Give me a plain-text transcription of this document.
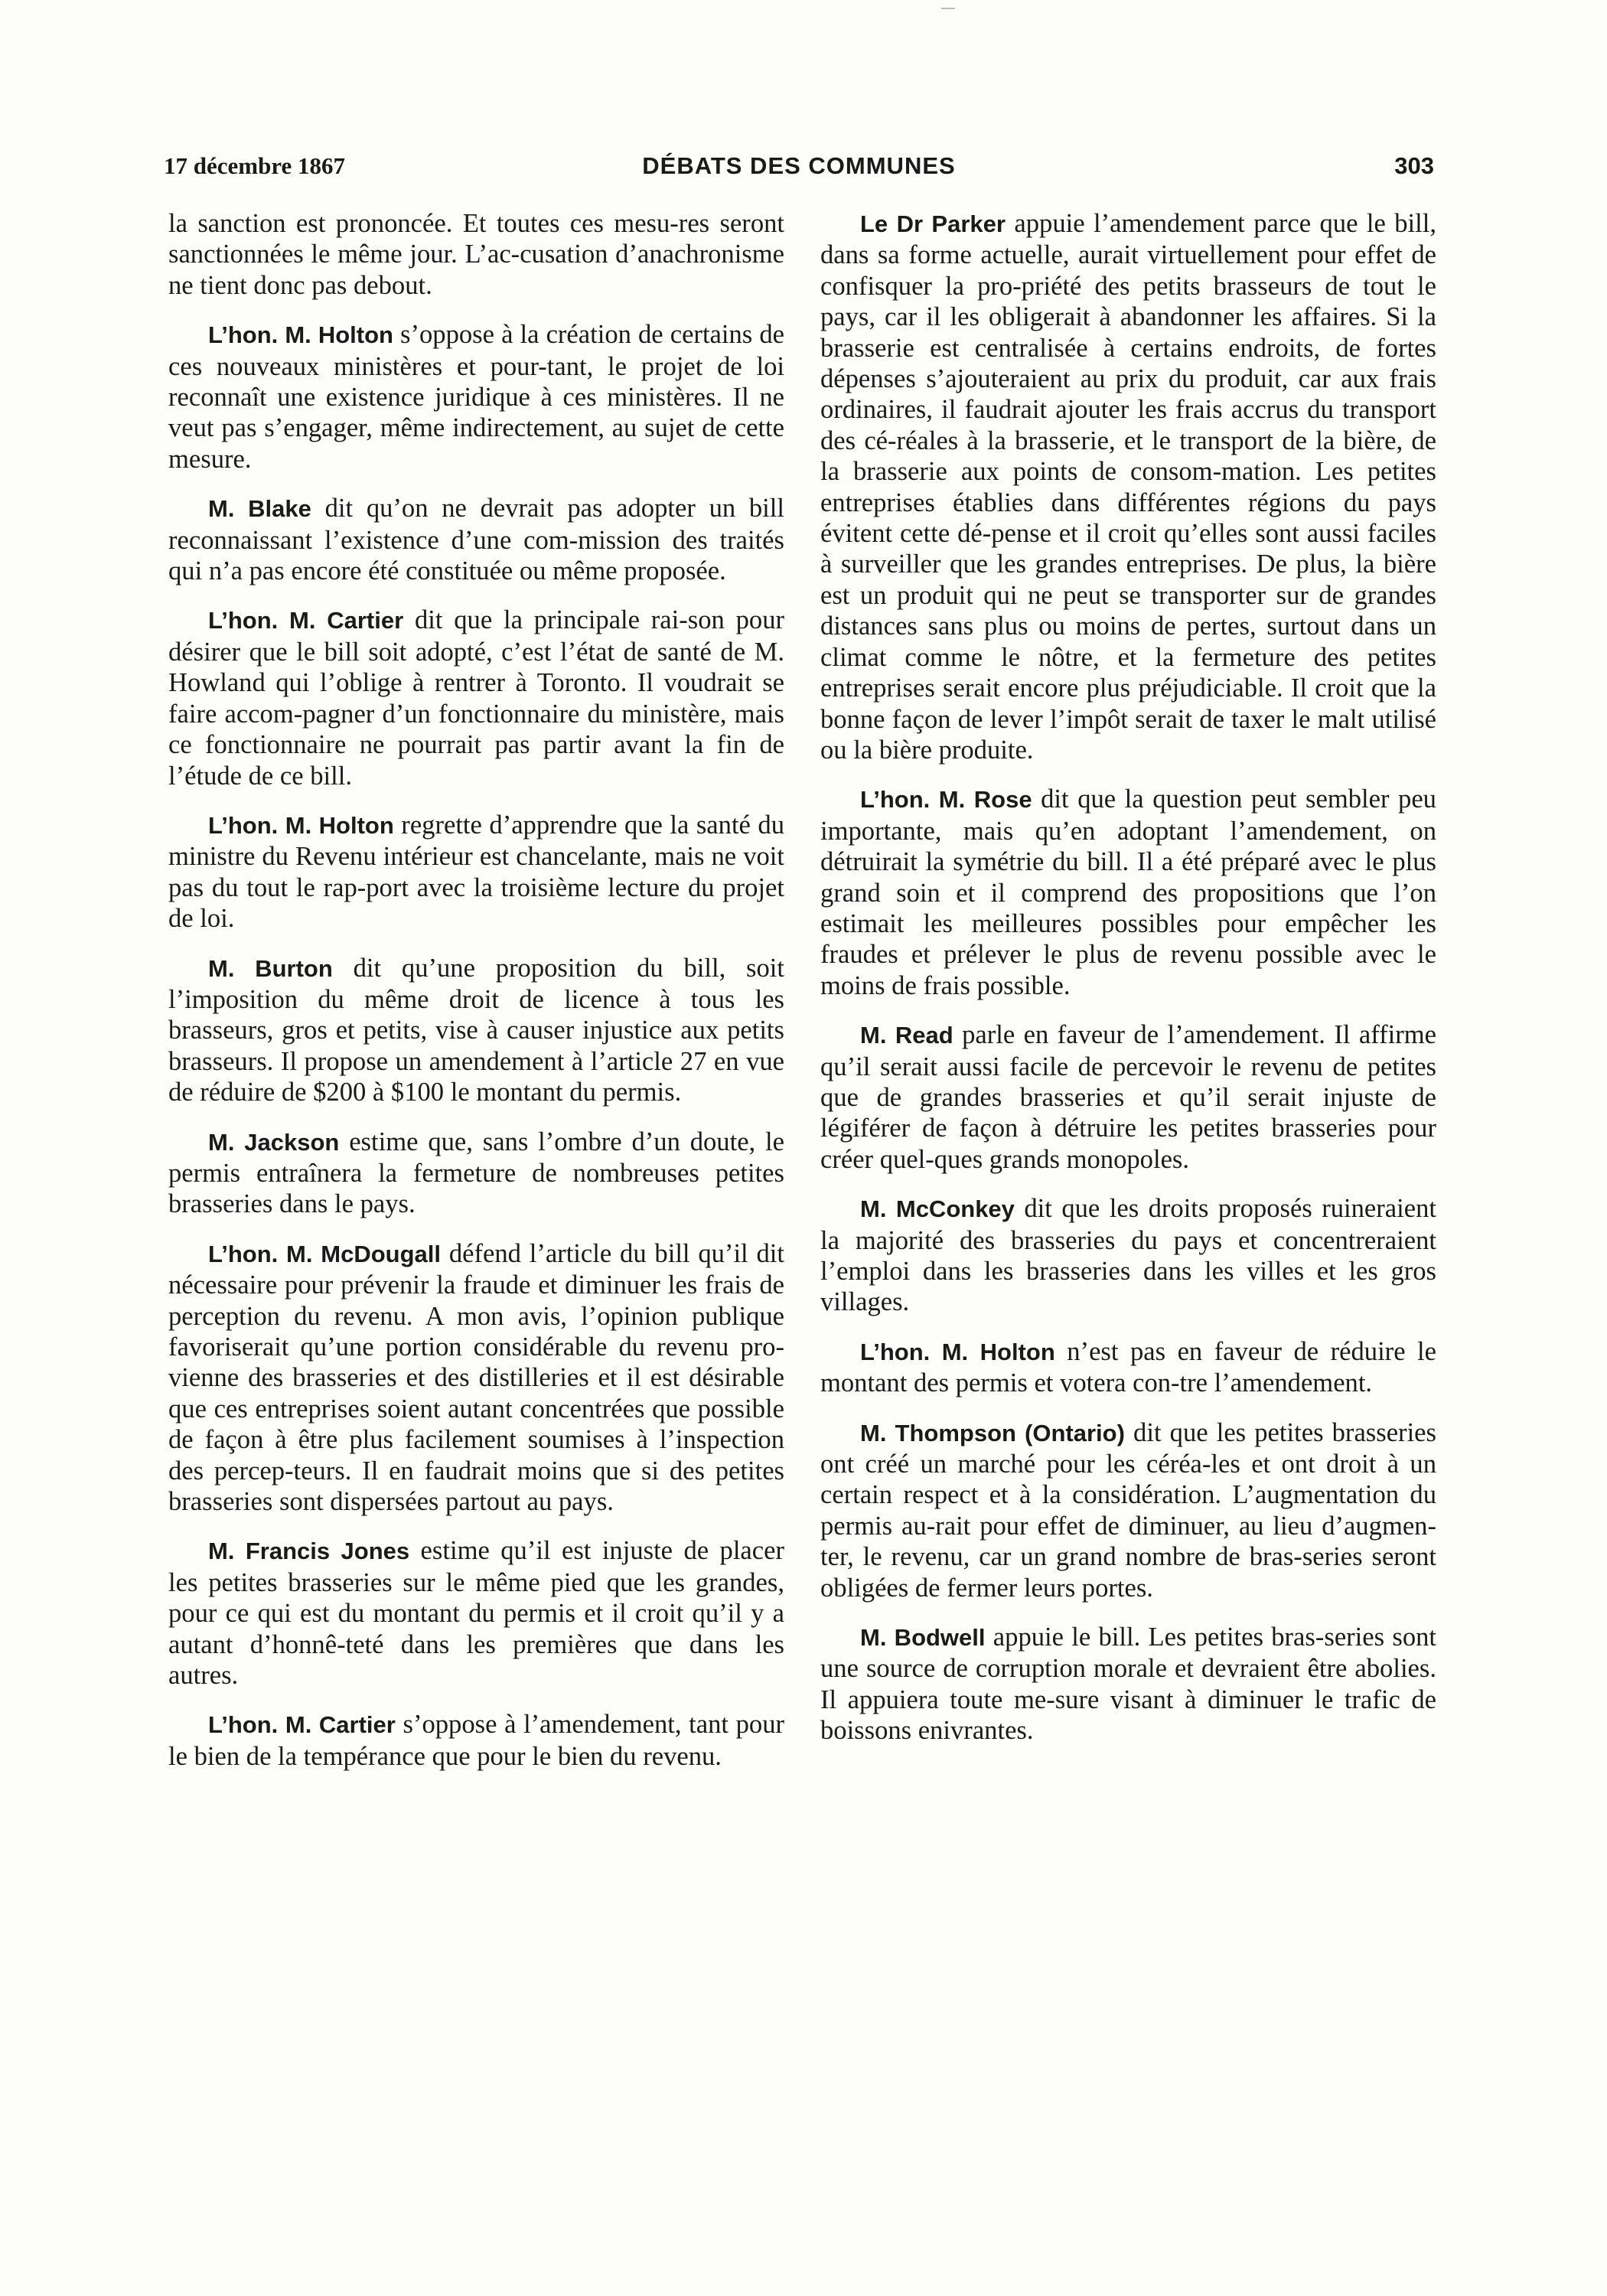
17 décembre 1867	DÉBATS DES COMMUNES	303

la sanction est prononcée. Et toutes ces mesu-res seront sanctionnées le même jour. L’ac-cusation d’anachronisme ne tient donc pas debout.

L’hon. M. Holton s’oppose à la création de certains de ces nouveaux ministères et pour-tant, le projet de loi reconnaît une existence juridique à ces ministères. Il ne veut pas s’engager, même indirectement, au sujet de cette mesure.

M. Blake dit qu’on ne devrait pas adopter un bill reconnaissant l’existence d’une com-mission des traités qui n’a pas encore été constituée ou même proposée.

L’hon. M. Cartier dit que la principale rai-son pour désirer que le bill soit adopté, c’est l’état de santé de M. Howland qui l’oblige à rentrer à Toronto. Il voudrait se faire accom-pagner d’un fonctionnaire du ministère, mais ce fonctionnaire ne pourrait pas partir avant la fin de l’étude de ce bill.

L’hon. M. Holton regrette d’apprendre que la santé du ministre du Revenu intérieur est chancelante, mais ne voit pas du tout le rap-port avec la troisième lecture du projet de loi.

M. Burton dit qu’une proposition du bill, soit l’imposition du même droit de licence à tous les brasseurs, gros et petits, vise à causer injustice aux petits brasseurs. Il propose un amendement à l’article 27 en vue de réduire de $200 à $100 le montant du permis.

M. Jackson estime que, sans l’ombre d’un doute, le permis entraînera la fermeture de nombreuses petites brasseries dans le pays.

L’hon. M. McDougall défend l’article du bill qu’il dit nécessaire pour prévenir la fraude et diminuer les frais de perception du revenu. A mon avis, l’opinion publique favoriserait qu’une portion considérable du revenu pro-vienne des brasseries et des distilleries et il est désirable que ces entreprises soient autant concentrées que possible de façon à être plus facilement soumises à l’inspection des percep-teurs. Il en faudrait moins que si des petites brasseries sont dispersées partout au pays.

M. Francis Jones estime qu’il est injuste de placer les petites brasseries sur le même pied que les grandes, pour ce qui est du montant du permis et il croit qu’il y a autant d’honnê-teté dans les premières que dans les autres.

L’hon. M. Cartier s’oppose à l’amendement, tant pour le bien de la tempérance que pour le bien du revenu.

Le Dr Parker appuie l’amendement parce que le bill, dans sa forme actuelle, aurait virtuellement pour effet de confisquer la pro-priété des petits brasseurs de tout le pays, car il les obligerait à abandonner les affaires. Si la brasserie est centralisée à certains endroits, de fortes dépenses s’ajouteraient au prix du produit, car aux frais ordinaires, il faudrait ajouter les frais accrus du transport des cé-réales à la brasserie, et le transport de la bière, de la brasserie aux points de consom-mation. Les petites entreprises établies dans différentes régions du pays évitent cette dé-pense et il croit qu’elles sont aussi faciles à surveiller que les grandes entreprises. De plus, la bière est un produit qui ne peut se transporter sur de grandes distances sans plus ou moins de pertes, surtout dans un climat comme le nôtre, et la fermeture des petites entreprises serait encore plus préjudiciable. Il croit que la bonne façon de lever l’impôt serait de taxer le malt utilisé ou la bière produite.

L’hon. M. Rose dit que la question peut sembler peu importante, mais qu’en adoptant l’amendement, on détruirait la symétrie du bill. Il a été préparé avec le plus grand soin et il comprend des propositions que l’on estimait les meilleures possibles pour empêcher les fraudes et prélever le plus de revenu possible avec le moins de frais possible.

M. Read parle en faveur de l’amendement. Il affirme qu’il serait aussi facile de percevoir le revenu de petites que de grandes brasseries et qu’il serait injuste de légiférer de façon à détruire les petites brasseries pour créer quel-ques grands monopoles.

M. McConkey dit que les droits proposés ruineraient la majorité des brasseries du pays et concentreraient l’emploi dans les brasseries dans les villes et les gros villages.

L’hon. M. Holton n’est pas en faveur de réduire le montant des permis et votera con-tre l’amendement.

M. Thompson (Ontario) dit que les petites brasseries ont créé un marché pour les céréa-les et ont droit à un certain respect et à la considération. L’augmentation du permis au-rait pour effet de diminuer, au lieu d’augmen-ter, le revenu, car un grand nombre de bras-series seront obligées de fermer leurs portes.

M. Bodwell appuie le bill. Les petites bras-series sont une source de corruption morale et devraient être abolies. Il appuiera toute me-sure visant à diminuer le trafic de boissons enivrantes.
